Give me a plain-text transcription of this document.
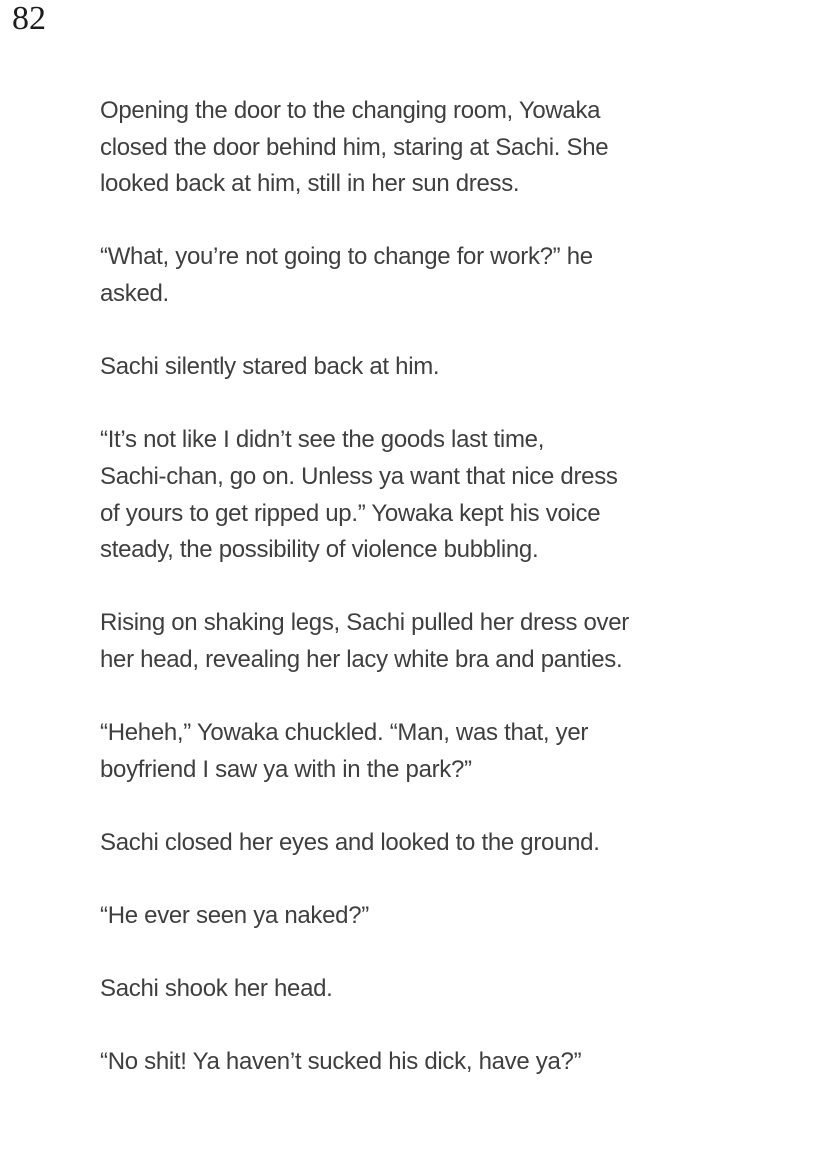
82

Opening the door to the changing room, Yowaka
closed the door behind him, staring at Sachi. She
looked back at him, still in her sun dress.

“What, you’re not going to change for work?” he
asked.

Sachi silently stared back at him.

“It’s not like I didn’t see the goods last time,
Sachi-chan, go on. Unless ya want that nice dress
of yours to get ripped up.” Yowaka kept his voice
steady, the possibility of violence bubbling.

Rising on shaking legs, Sachi pulled her dress over
her head, revealing her lacy white bra and panties.

“Heheh,” Yowaka chuckled. “Man, was that, yer
boyfriend I saw ya with in the park?”

Sachi closed her eyes and looked to the ground.

“He ever seen ya naked?”

Sachi shook her head.

“No shit! Ya haven’t sucked his dick, have ya?”
